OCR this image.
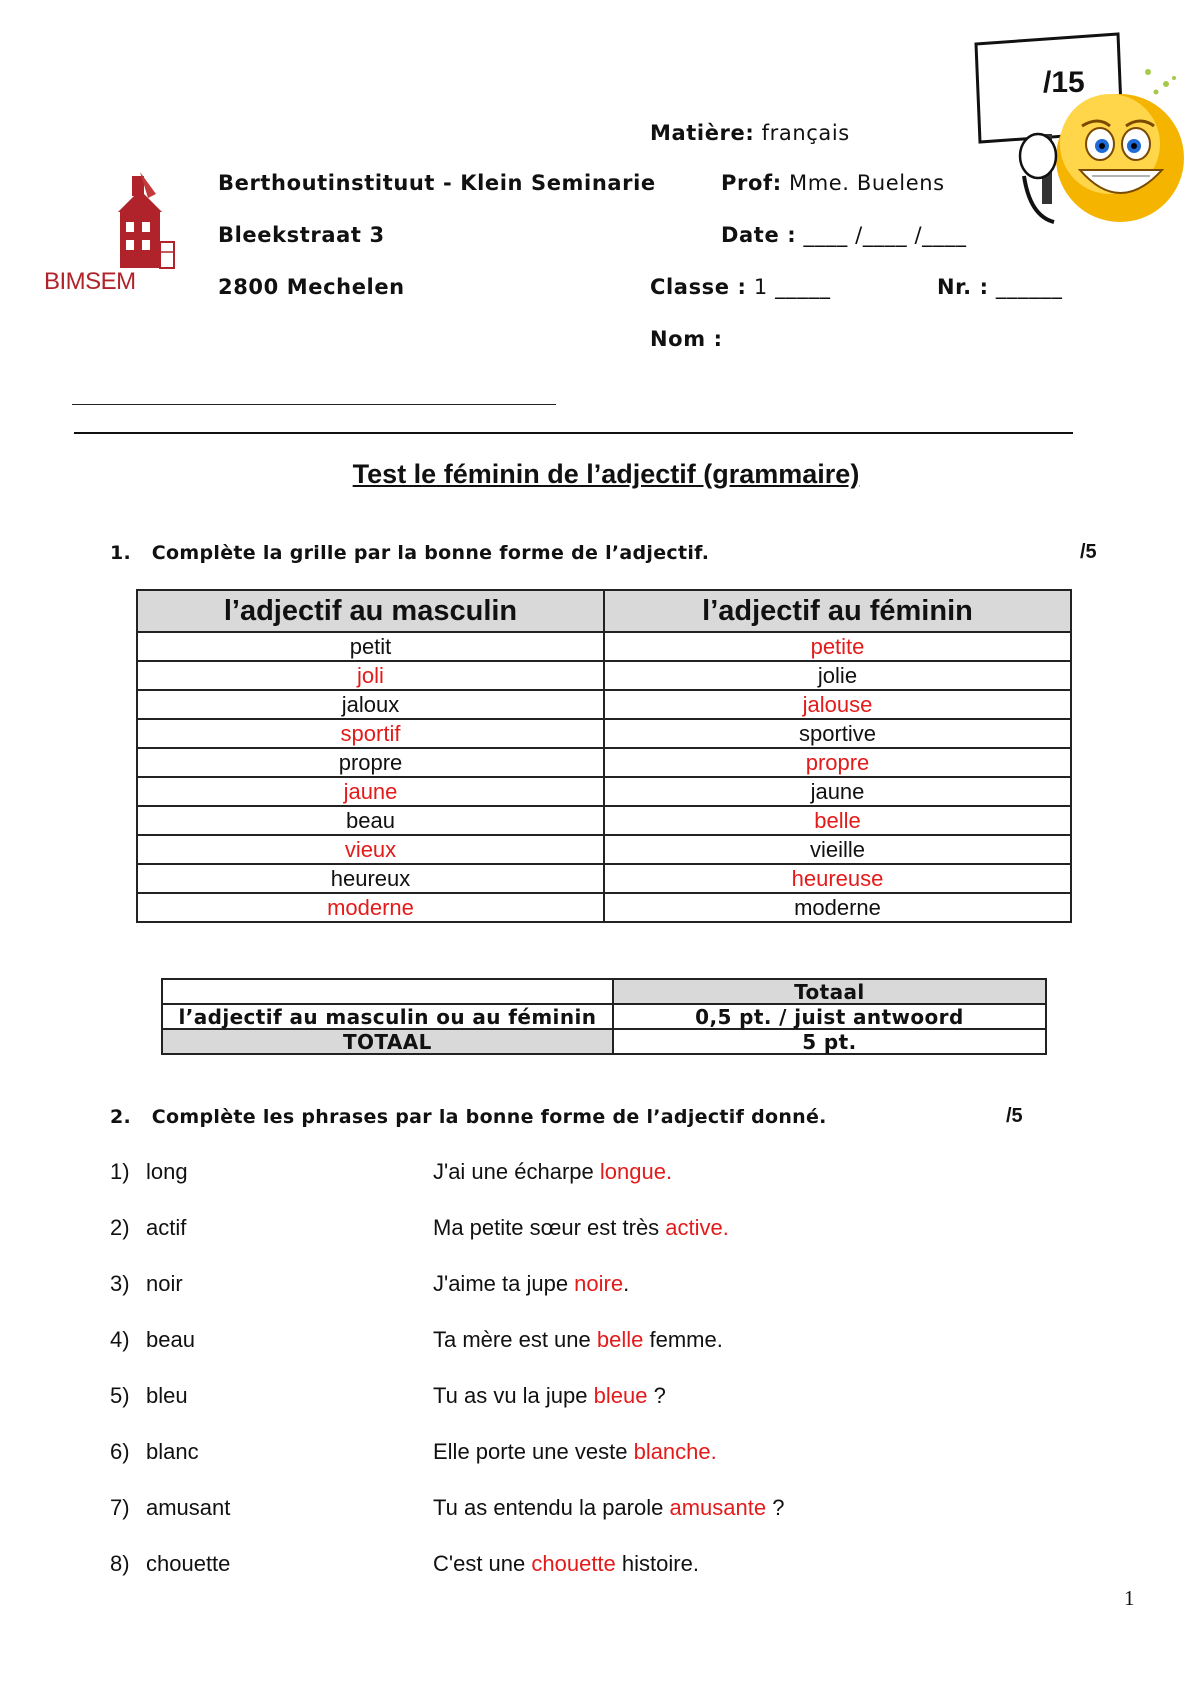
BIMSEM
Berthoutinstituut - Klein Seminarie
Bleekstraat 3
2800 Mechelen
Matière: français
Prof: Mme. Buelens
Date : ____ /____ /____
Classe : 1 _____	Nr. : ______
Nom :
/15
Test le féminin de l’adjectif (grammaire)
1.   Complète la grille par la bonne forme de l’adjectif.	/5
l’adjectif au masculin	l’adjectif au féminin
petit	petite
joli	jolie
jaloux	jalouse
sportif	sportive
propre	propre
jaune	jaune
beau	belle
vieux	vieille
heureux	heureuse
moderne	moderne
	Totaal
l’adjectif au masculin ou au féminin	0,5 pt. / juist antwoord
TOTAAL	5 pt.
2.   Complète les phrases par la bonne forme de l’adjectif donné.	/5
1) long	J'ai une écharpe longue.
2) actif	Ma petite sœur est très active.
3) noir	J'aime ta jupe noire.
4) beau	Ta mère est une belle femme.
5) bleu	Tu as vu la jupe bleue ?
6) blanc	Elle porte une veste blanche.
7) amusant	Tu as entendu la parole amusante ?
8) chouette	C'est une chouette histoire.
1
